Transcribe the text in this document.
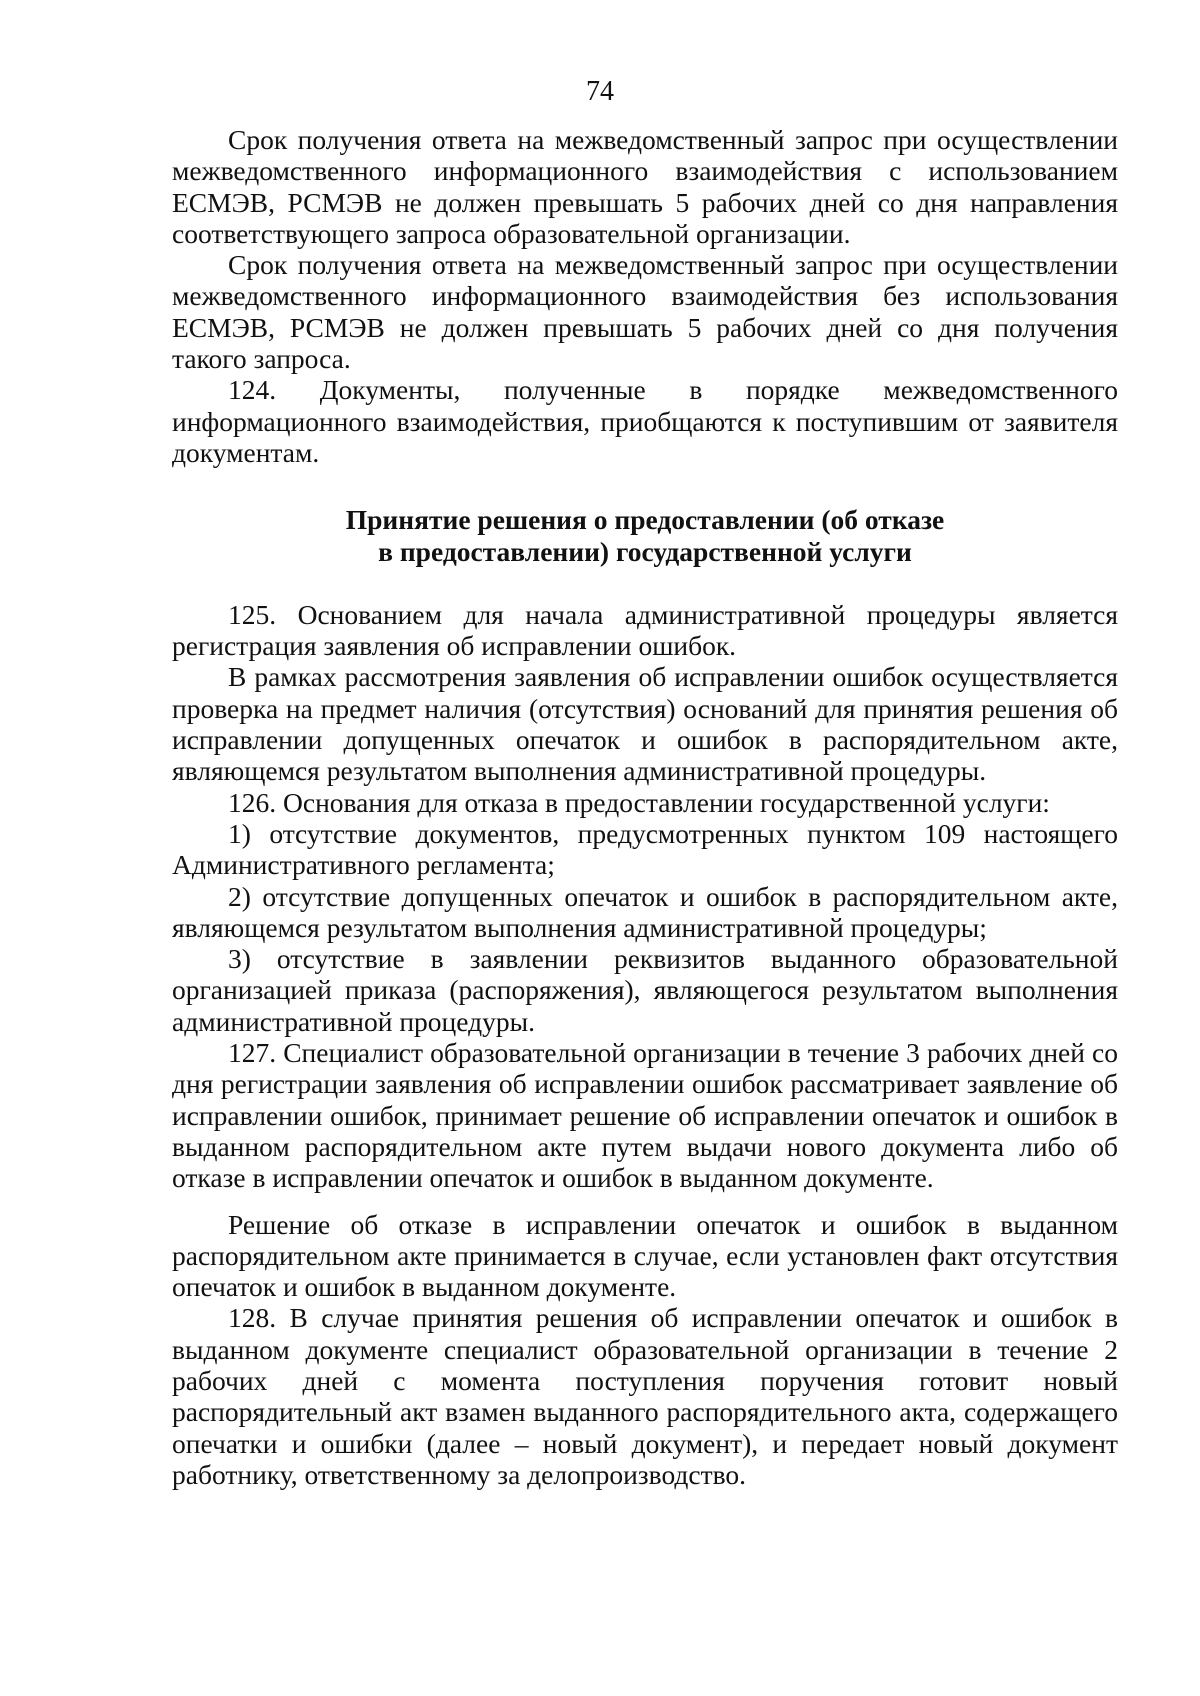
74

Срок получения ответа на межведомственный запрос при осуществлении межведомственного информационного взаимодействия с использованием ЕСМЭВ, РСМЭВ не должен превышать 5 рабочих дней со дня направления соответствующего запроса образовательной организации.

Срок получения ответа на межведомственный запрос при осуществлении межведомственного информационного взаимодействия без использования ЕСМЭВ, РСМЭВ не должен превышать 5 рабочих дней со дня получения такого запроса.

124. Документы, полученные в порядке межведомственного информационного взаимодействия, приобщаются к поступившим от заявителя документам.

Принятие решения о предоставлении (об отказе
в предоставлении) государственной услуги

125. Основанием для начала административной процедуры является регистрация заявления об исправлении ошибок.

В рамках рассмотрения заявления об исправлении ошибок осуществляется проверка на предмет наличия (отсутствия) оснований для принятия решения об исправлении допущенных опечаток и ошибок в распорядительном акте, являющемся результатом выполнения административной процедуры.

126. Основания для отказа в предоставлении государственной услуги:

1) отсутствие документов, предусмотренных пунктом 109 настоящего Административного регламента;

2) отсутствие допущенных опечаток и ошибок в распорядительном акте, являющемся результатом выполнения административной процедуры;

3) отсутствие в заявлении реквизитов выданного образовательной организацией приказа (распоряжения), являющегося результатом выполнения административной процедуры.

127. Специалист образовательной организации в течение 3 рабочих дней со дня регистрации заявления об исправлении ошибок рассматривает заявление об исправлении ошибок, принимает решение об исправлении опечаток и ошибок в выданном распорядительном акте путем выдачи нового документа либо об отказе в исправлении опечаток и ошибок в выданном документе.

Решение об отказе в исправлении опечаток и ошибок в выданном распорядительном акте принимается в случае, если установлен факт отсутствия опечаток и ошибок в выданном документе.

128. В случае принятия решения об исправлении опечаток и ошибок в выданном документе специалист образовательной организации в течение 2 рабочих дней с момента поступления поручения готовит новый распорядительный акт взамен выданного распорядительного акта, содержащего опечатки и ошибки (далее – новый документ), и передает новый документ работнику, ответственному за делопроизводство.
